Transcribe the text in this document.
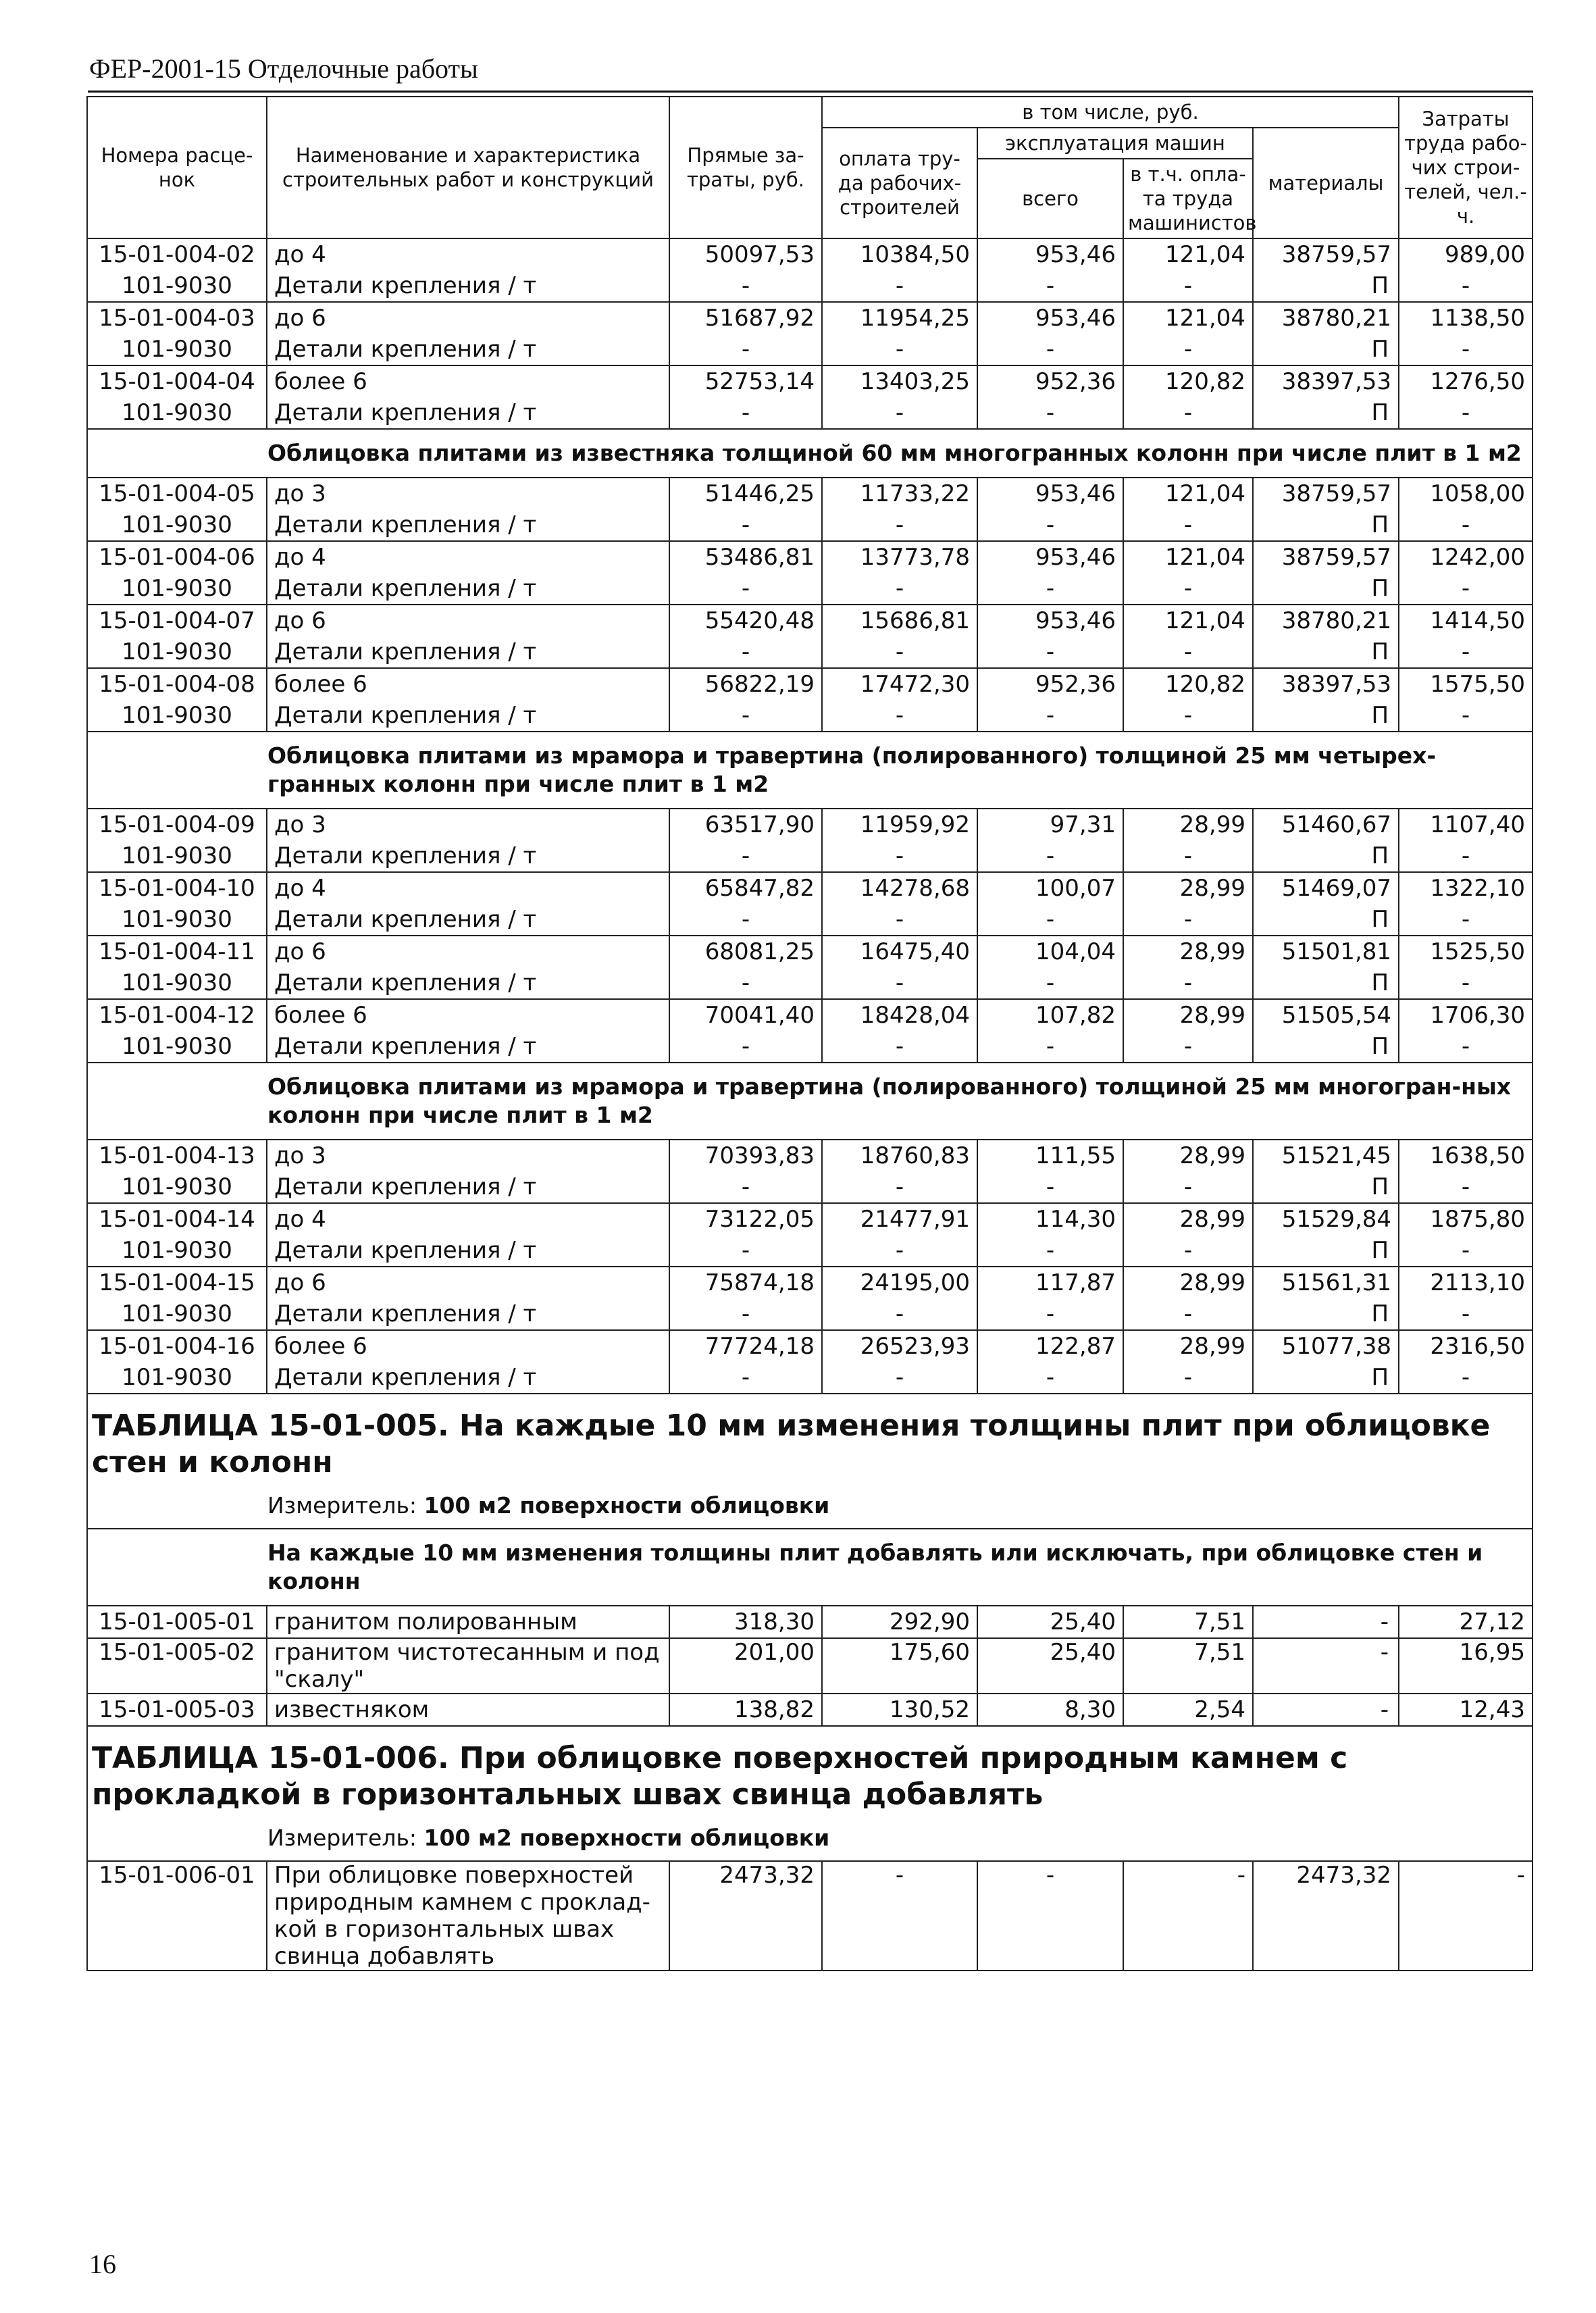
ФЕР-2001-15 Отделочные работы
Номера расце-нок	Наименование и характеристика строительных работ и конструкций	Прямые за-траты, руб.	в том числе, руб.				Затраты труда рабо-чих строи-телей, чел.-ч.
			оплата тру-да рабочих-строителей	эксплуатация машин		материалы	
				всего	в т.ч. опла-та труда машинистов		
15-01-004-02	до 4	50097,53	10384,50	953,46	121,04	38759,57	989,00
101-9030	Детали крепления / т	-	-	-	-	П	-
15-01-004-03	до 6	51687,92	11954,25	953,46	121,04	38780,21	1138,50
101-9030	Детали крепления / т	-	-	-	-	П	-
15-01-004-04	более 6	52753,14	13403,25	952,36	120,82	38397,53	1276,50
101-9030	Детали крепления / т	-	-	-	-	П	-
Облицовка плитами из известняка толщиной 60 мм многогранных колонн при числе плит в 1 м2							
15-01-004-05	до 3	51446,25	11733,22	953,46	121,04	38759,57	1058,00
101-9030	Детали крепления / т	-	-	-	-	П	-
15-01-004-06	до 4	53486,81	13773,78	953,46	121,04	38759,57	1242,00
101-9030	Детали крепления / т	-	-	-	-	П	-
15-01-004-07	до 6	55420,48	15686,81	953,46	121,04	38780,21	1414,50
101-9030	Детали крепления / т	-	-	-	-	П	-
15-01-004-08	более 6	56822,19	17472,30	952,36	120,82	38397,53	1575,50
101-9030	Детали крепления / т	-	-	-	-	П	-
Облицовка плитами из мрамора и травертина (полированного) толщиной 25 мм четырех-гранных колонн при числе плит в 1 м2							
15-01-004-09	до 3	63517,90	11959,92	97,31	28,99	51460,67	1107,40
101-9030	Детали крепления / т	-	-	-	-	П	-
15-01-004-10	до 4	65847,82	14278,68	100,07	28,99	51469,07	1322,10
101-9030	Детали крепления / т	-	-	-	-	П	-
15-01-004-11	до 6	68081,25	16475,40	104,04	28,99	51501,81	1525,50
101-9030	Детали крепления / т	-	-	-	-	П	-
15-01-004-12	более 6	70041,40	18428,04	107,82	28,99	51505,54	1706,30
101-9030	Детали крепления / т	-	-	-	-	П	-
Облицовка плитами из мрамора и травертина (полированного) толщиной 25 мм многогран-ных колонн при числе плит в 1 м2							
15-01-004-13	до 3	70393,83	18760,83	111,55	28,99	51521,45	1638,50
101-9030	Детали крепления / т	-	-	-	-	П	-
15-01-004-14	до 4	73122,05	21477,91	114,30	28,99	51529,84	1875,80
101-9030	Детали крепления / т	-	-	-	-	П	-
15-01-004-15	до 6	75874,18	24195,00	117,87	28,99	51561,31	2113,10
101-9030	Детали крепления / т	-	-	-	-	П	-
15-01-004-16	более 6	77724,18	26523,93	122,87	28,99	51077,38	2316,50
101-9030	Детали крепления / т	-	-	-	-	П	-
ТАБЛИЦА 15-01-005. На каждые 10 мм изменения толщины плит при облицовке стен и колонн							
Измеритель: 100 м2 поверхности облицовки							
На каждые 10 мм изменения толщины плит добавлять или исключать, при облицовке стен и колонн							
15-01-005-01	гранитом полированным	318,30	292,90	25,40	7,51	-	27,12
15-01-005-02	гранитом чистотесанным и под "скалу"	201,00	175,60	25,40	7,51	-	16,95
15-01-005-03	известняком	138,82	130,52	8,30	2,54	-	12,43
ТАБЛИЦА 15-01-006. При облицовке поверхностей природным камнем с прокладкой в горизонтальных швах свинца добавлять							
Измеритель: 100 м2 поверхности облицовки							
15-01-006-01	При облицовке поверхностей природным камнем с проклад-кой в горизонтальных швах свинца добавлять	2473,32	-	-	-	2473,32	-
16
